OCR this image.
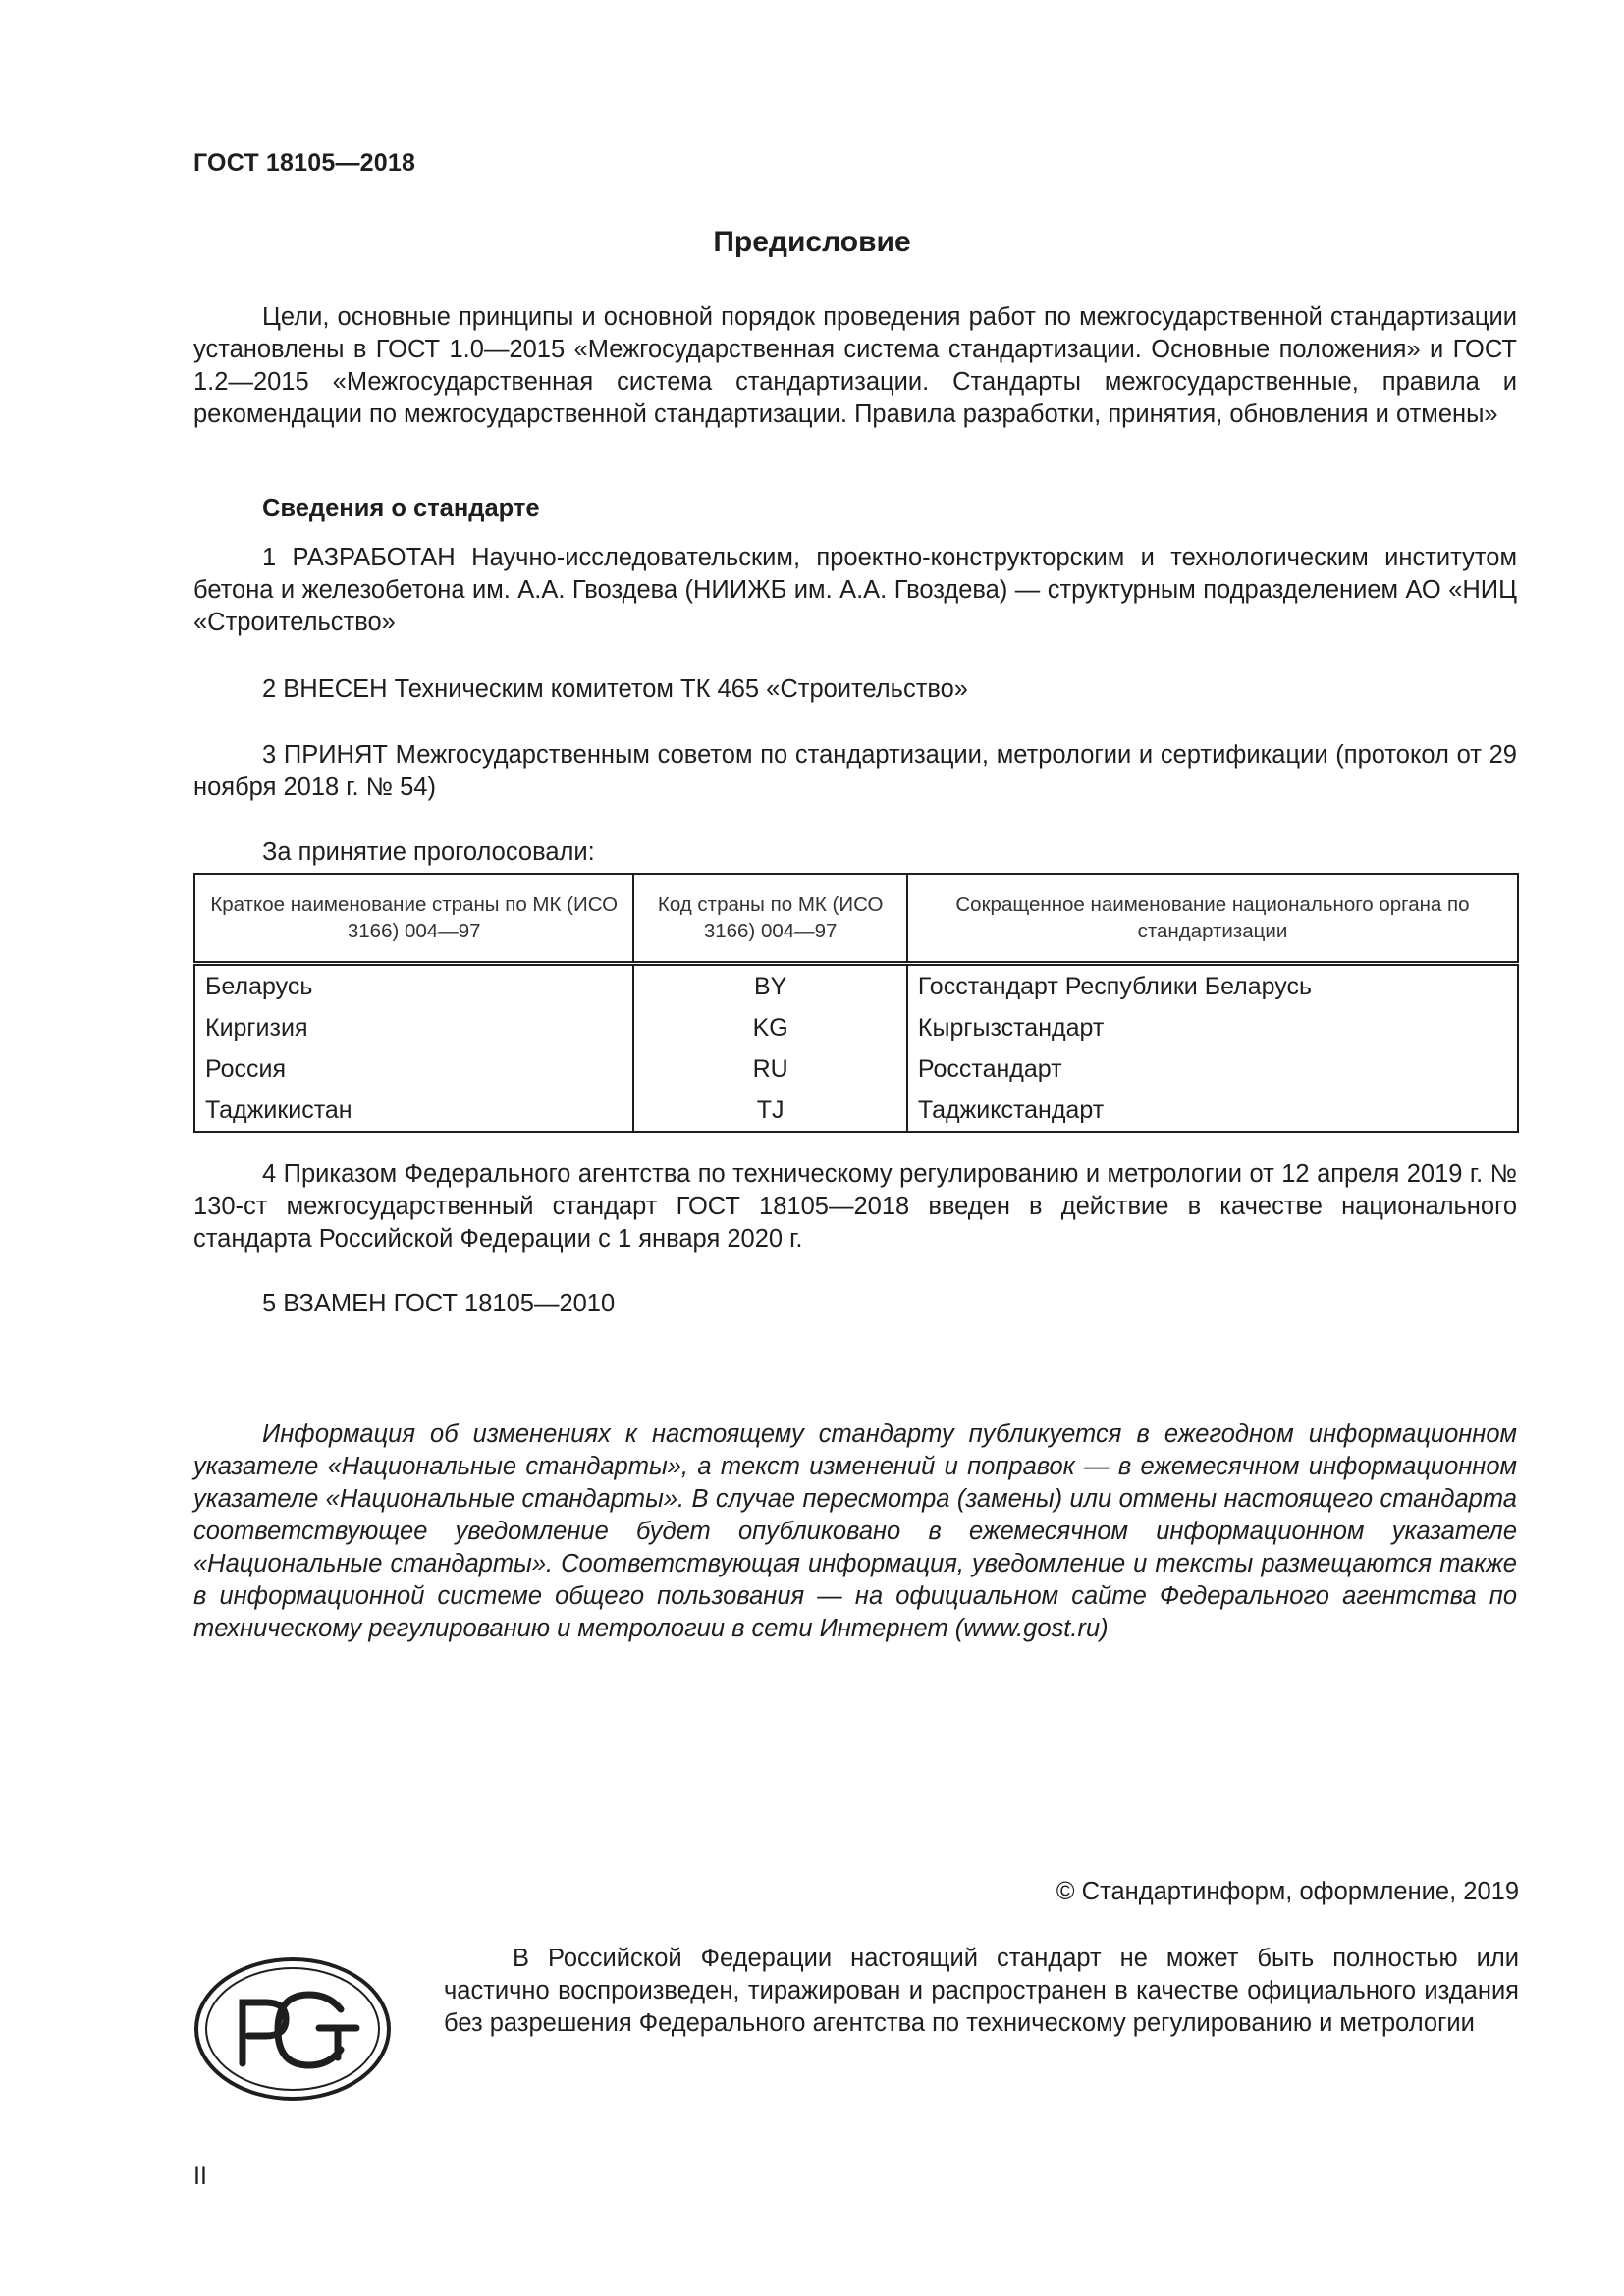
ГОСТ 18105—2018
Предисловие

Цели, основные принципы и основной порядок проведения работ по межгосударственной стандартизации установлены в ГОСТ 1.0—2015 «Межгосударственная система стандартизации. Основные положения» и ГОСТ 1.2—2015 «Межгосударственная система стандартизации. Стандарты межгосударственные, правила и рекомендации по межгосударственной стандартизации. Правила разработки, принятия, обновления и отмены»

Сведения о стандарте

1 РАЗРАБОТАН Научно-исследовательским, проектно-конструкторским и технологическим институтом бетона и железобетона им. А.А. Гвоздева (НИИЖБ им. А.А. Гвоздева) — структурным подразделением АО «НИЦ «Строительство»

2 ВНЕСЕН Техническим комитетом ТК 465 «Строительство»

3 ПРИНЯТ Межгосударственным советом по стандартизации, метрологии и сертификации (протокол от 29 ноября 2018 г. № 54)

За принятие проголосовали:

Краткое наименование страны по МК (ИСО 3166) 004—97	Код страны по МК (ИСО 3166) 004—97	Сокращенное наименование национального органа по стандартизации
Беларусь	BY	Госстандарт Республики Беларусь
Киргизия	KG	Кыргызстандарт
Россия	RU	Росстандарт
Таджикистан	TJ	Таджикстандарт

4 Приказом Федерального агентства по техническому регулированию и метрологии от 12 апреля 2019 г. № 130-ст межгосударственный стандарт ГОСТ 18105—2018 введен в действие в качестве национального стандарта Российской Федерации с 1 января 2020 г.

5 ВЗАМЕН ГОСТ 18105—2010

Информация об изменениях к настоящему стандарту публикуется в ежегодном информационном указателе «Национальные стандарты», а текст изменений и поправок — в ежемесячном информационном указателе «Национальные стандарты». В случае пересмотра (замены) или отмены настоящего стандарта соответствующее уведомление будет опубликовано в ежемесячном информационном указателе «Национальные стандарты». Соответствующая информация, уведомление и тексты размещаются также в информационной системе общего пользования — на официальном сайте Федерального агентства по техническому регулированию и метрологии в сети Интернет (www.gost.ru)

© Стандартинформ, оформление, 2019

В Российской Федерации настоящий стандарт не может быть полностью или частично воспроизведен, тиражирован и распространен в качестве официального издания без разрешения Федерального агентства по техническому регулированию и метрологии

II
